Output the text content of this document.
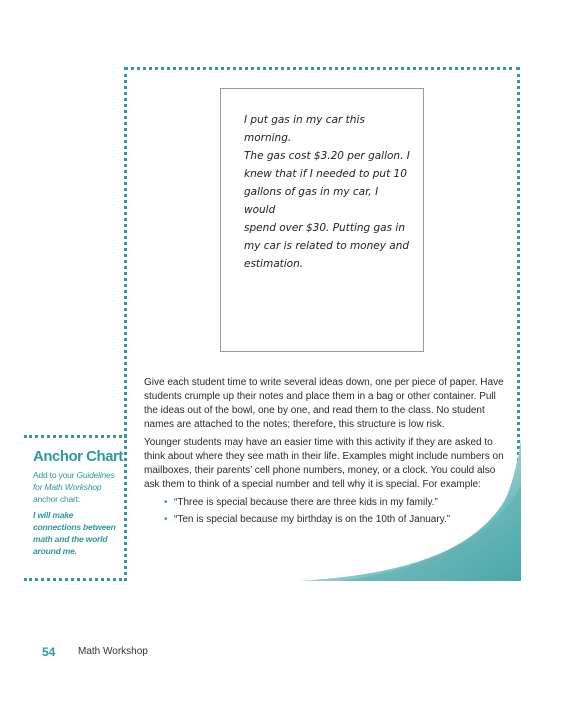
I put gas in my car this morning.
The gas cost $3.20 per gallon. I
knew that if I needed to put 10
gallons of gas in my car, I would
spend over $30. Putting gas in
my car is related to money and
estimation.

Give each student time to write several ideas down, one per piece of paper. Have students crumple up their notes and place them in a bag or other container. Pull the ideas out of the bowl, one by one, and read them to the class. No student names are attached to the notes; therefore, this structure is low risk.

Younger students may have an easier time with this activity if they are asked to think about where they see math in their life. Examples might include numbers on mailboxes, their parents’ cell phone numbers, money, or a clock. You could also ask them to think of a special number and tell why it is special. For example:

• “Three is special because there are three kids in my family.”
• “Ten is special because my birthday is on the 10th of January.”
Anchor Chart
Add to your Guidelines for Math Workshop anchor chart:
I will make connections between math and the world around me.
54 Math Workshop
